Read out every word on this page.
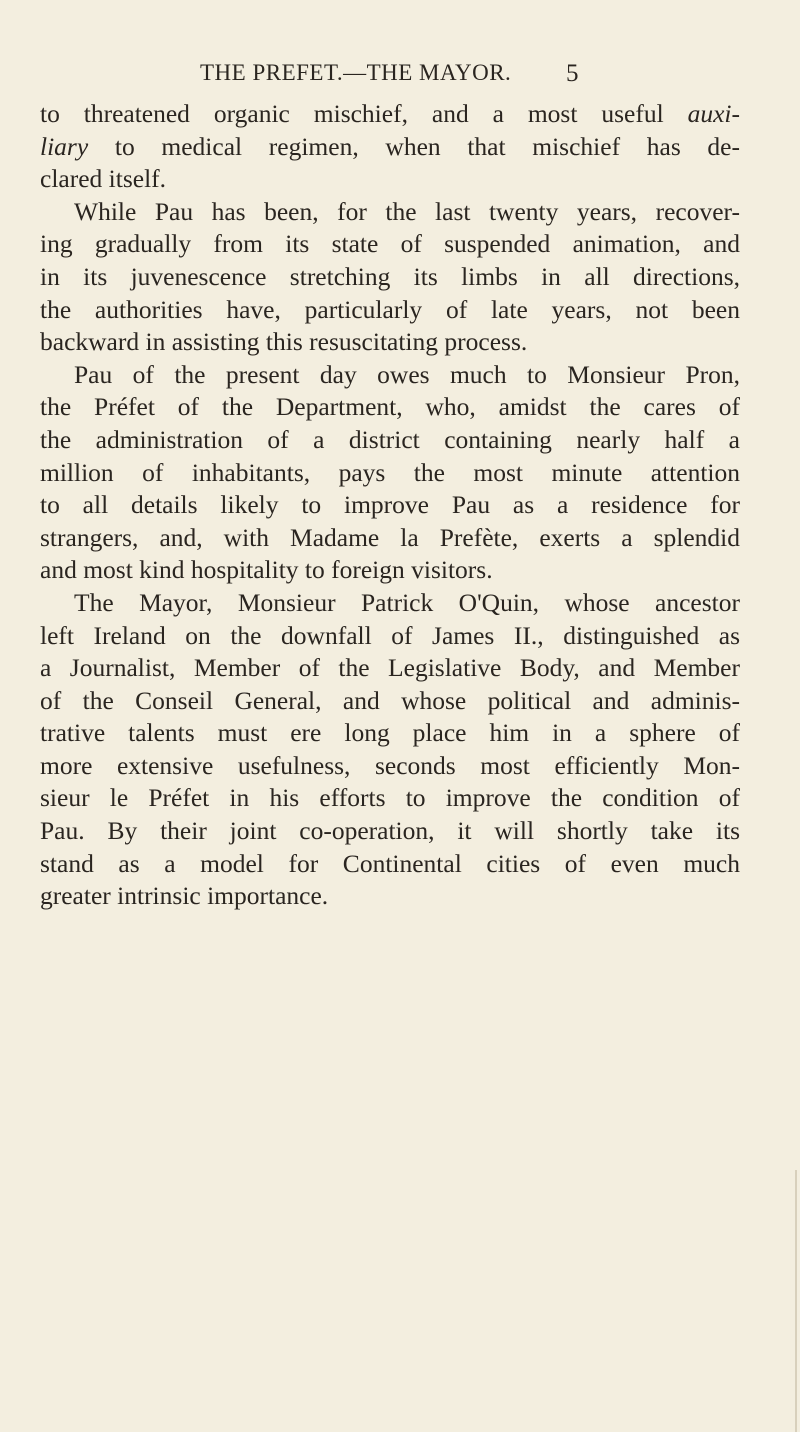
THE PREFET.—THE MAYOR. 5
to threatened organic mischief, and a most useful auxi-
liary to medical regimen, when that mischief has de-
clared itself.
While Pau has been, for the last twenty years, recover-
ing gradually from its state of suspended animation, and
in its juvenescence stretching its limbs in all directions,
the authorities have, particularly of late years, not been
backward in assisting this resuscitating process.
Pau of the present day owes much to Monsieur Pron,
the Préfet of the Department, who, amidst the cares of
the administration of a district containing nearly half a
million of inhabitants, pays the most minute attention
to all details likely to improve Pau as a residence for
strangers, and, with Madame la Prefète, exerts a splendid
and most kind hospitality to foreign visitors.
The Mayor, Monsieur Patrick O'Quin, whose ancestor
left Ireland on the downfall of James II., distinguished as
a Journalist, Member of the Legislative Body, and Member
of the Conseil General, and whose political and adminis-
trative talents must ere long place him in a sphere of
more extensive usefulness, seconds most efficiently Mon-
sieur le Préfet in his efforts to improve the condition of
Pau. By their joint co-operation, it will shortly take its
stand as a model for Continental cities of even much
greater intrinsic importance.
